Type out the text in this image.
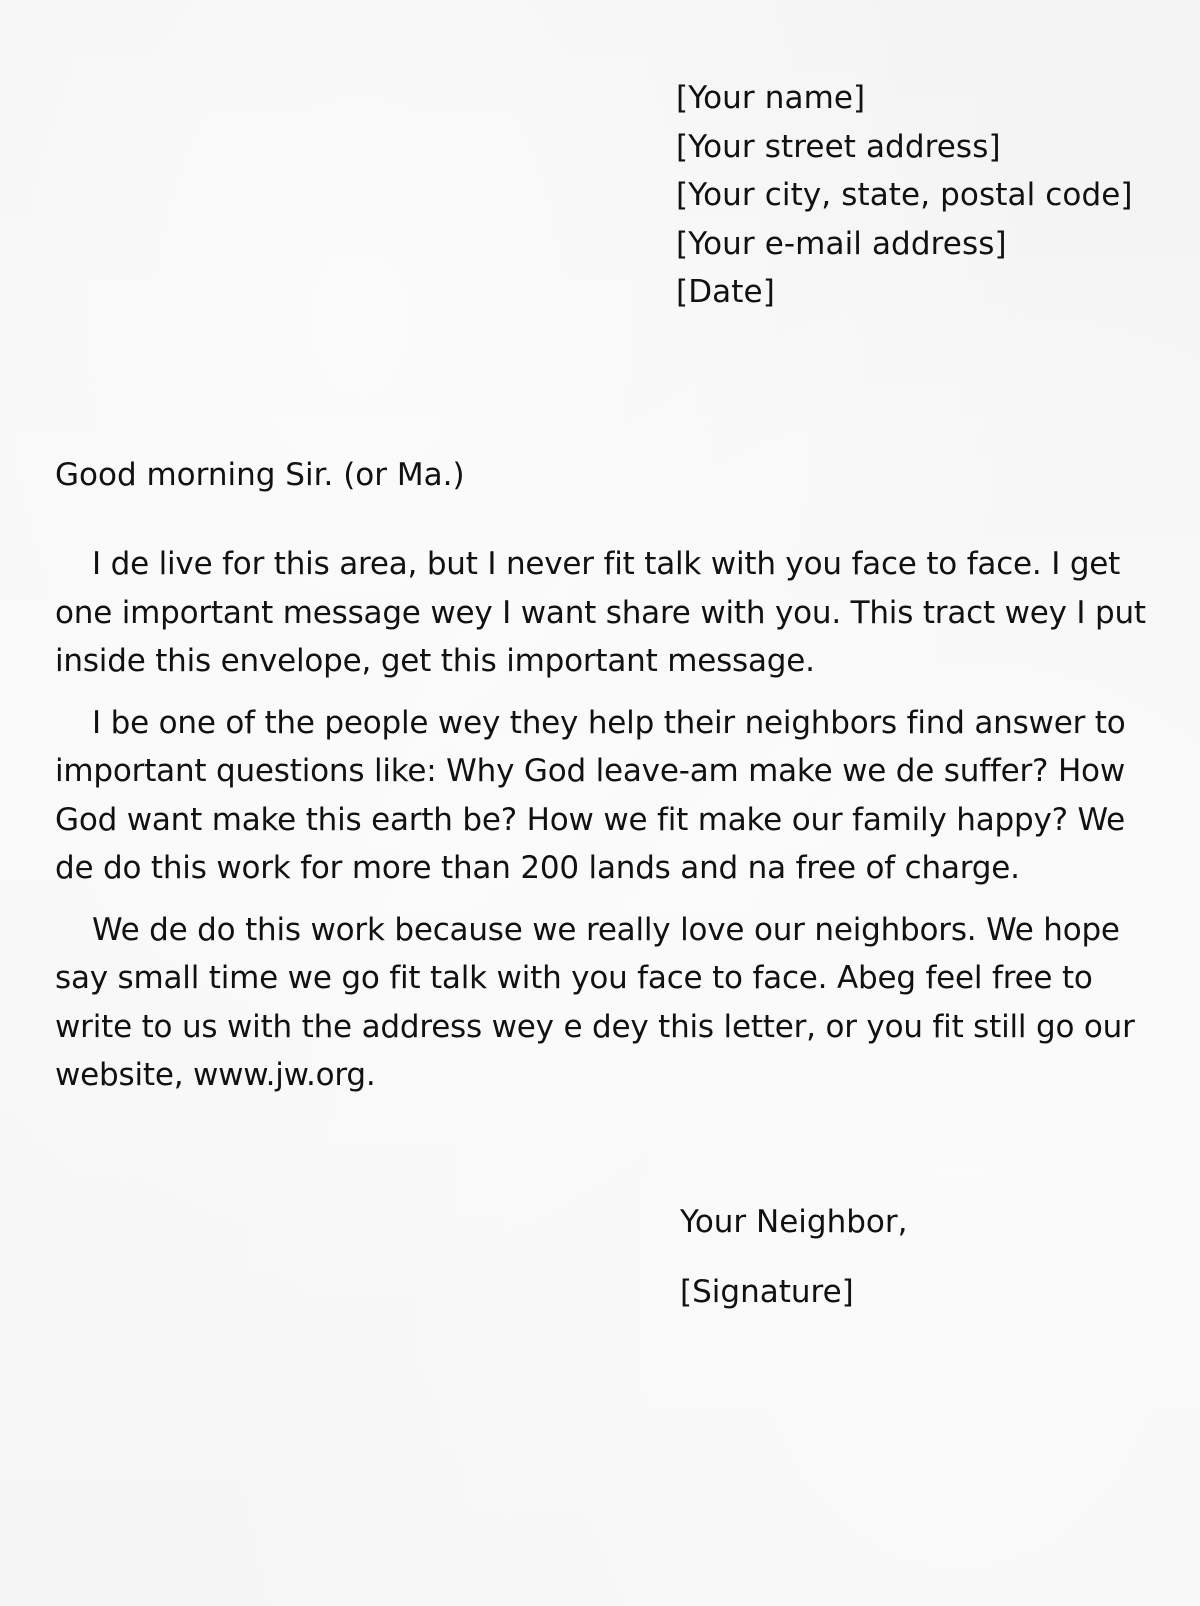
[Your name]
[Your street address]
[Your city, state, postal code]
[Your e-mail address]
[Date]
Good morning Sir. (or Ma.)

I de live for this area, but I never fit talk with you face to face. I get one important message wey I want share with you. This tract wey I put inside this envelope, get this important message.

I be one of the people wey they help their neighbors find answer to important questions like: Why God leave-am make we de suffer? How God want make this earth be? How we fit make our family happy? We de do this work for more than 200 lands and na free of charge.

We de do this work because we really love our neighbors. We hope say small time we go fit talk with you face to face. Abeg feel free to write to us with the address wey e dey this letter, or you fit still go our website, www.jw.org.

Your Neighbor,
[Signature]
